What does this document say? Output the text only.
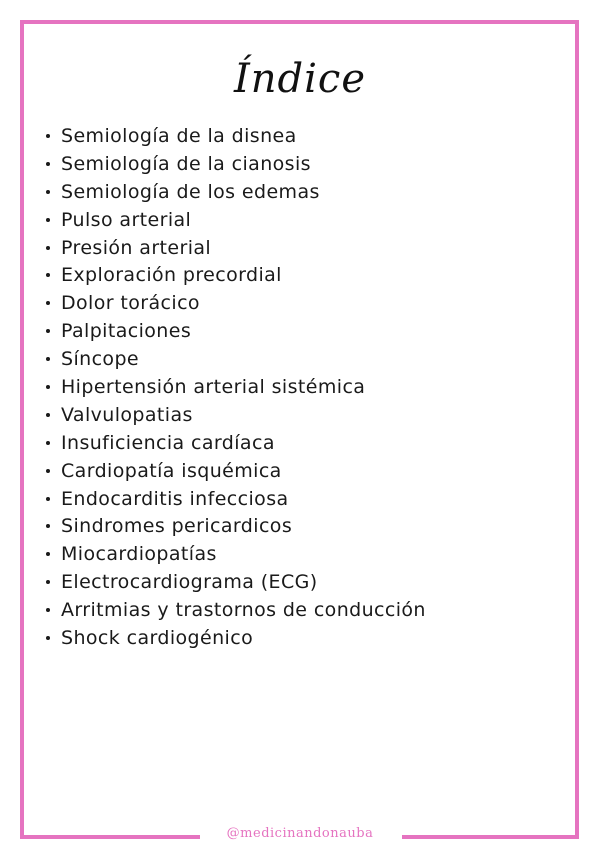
Índice
Semiología de la disnea
Semiología de la cianosis
Semiología de los edemas
Pulso arterial
Presión arterial
Exploración precordial
Dolor torácico
Palpitaciones
Síncope
Hipertensión arterial sistémica
Valvulopatias
Insuficiencia cardíaca
Cardiopatía isquémica
Endocarditis infecciosa
Sindromes pericardicos
Miocardiopatías
Electrocardiograma (ECG)
Arritmias y trastornos de conducción
Shock cardiogénico
@medicinandonauba
